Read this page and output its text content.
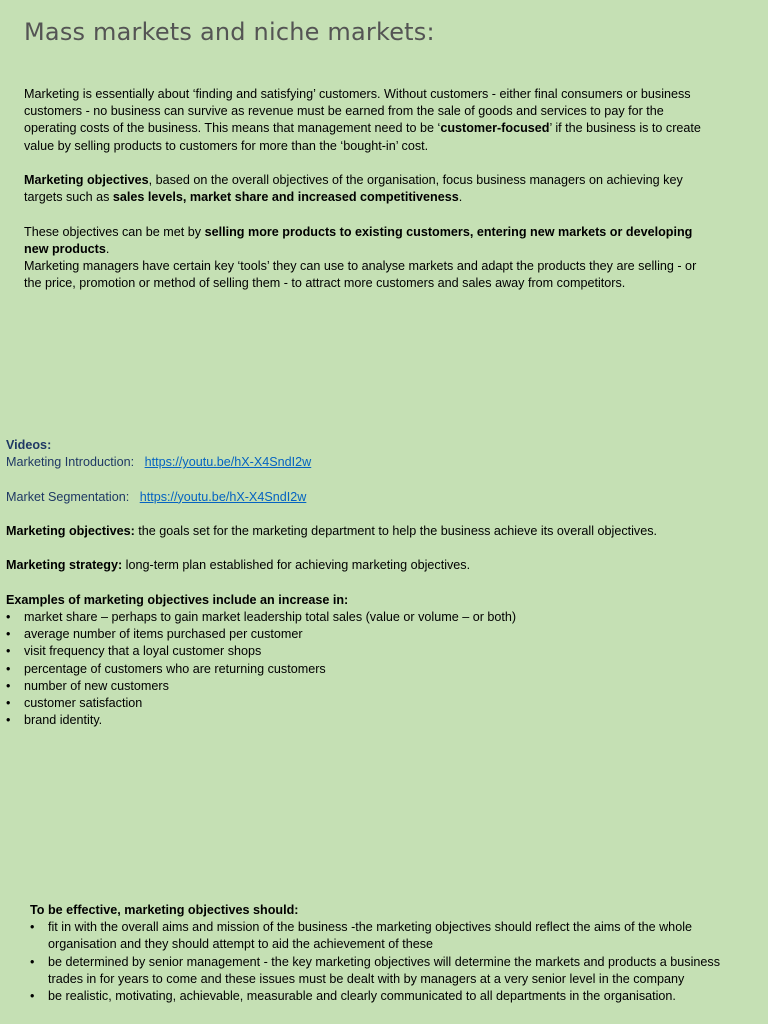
Mass markets and niche markets:

Marketing is essentially about ‘finding and satisfying’ customers. Without customers - either final consumers or business customers - no business can survive as revenue must be earned from the sale of goods and services to pay for the operating costs of the business. This means that management need to be ‘customer-focused’ if the business is to create value by selling products to customers for more than the ‘bought-in’ cost.

Marketing objectives, based on the overall objectives of the organisation, focus business managers on achieving key targets such as sales levels, market share and increased competitiveness.

These objectives can be met by selling more products to existing customers, entering new markets or developing new products.

Marketing managers have certain key ‘tools’ they can use to analyse markets and adapt the products they are selling - or the price, promotion or method of selling them - to attract more customers and sales away from competitors.

Videos:

Marketing Introduction: https://youtu.be/hX-X4SndI2w

Market Segmentation: https://youtu.be/hX-X4SndI2w

Marketing objectives: the goals set for the marketing department to help the business achieve its overall objectives.

Marketing strategy: long-term plan established for achieving marketing objectives.

Examples of marketing objectives include an increase in:

• market share – perhaps to gain market leadership total sales (value or volume – or both)
• average number of items purchased per customer
• visit frequency that a loyal customer shops
• percentage of customers who are returning customers
• number of new customers
• customer satisfaction
• brand identity.

To be effective, marketing objectives should:

• fit in with the overall aims and mission of the business -the marketing objectives should reflect the aims of the whole organisation and they should attempt to aid the achievement of these
• be determined by senior management - the key marketing objectives will determine the markets and products a business trades in for years to come and these issues must be dealt with by managers at a very senior level in the company
• be realistic, motivating, achievable, measurable and clearly communicated to all departments in the organisation.
